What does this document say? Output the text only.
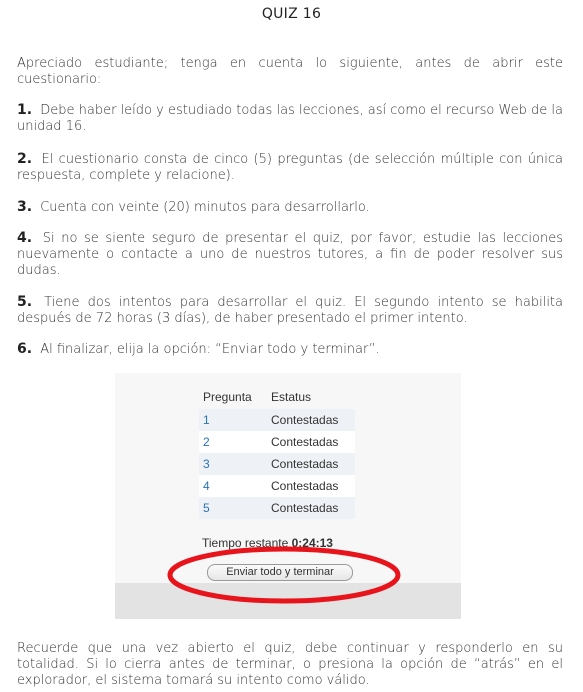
QUIZ 16
Apreciado estudiante; tenga en cuenta lo siguiente, antes de abrir este cuestionario:
1. Debe haber leído y estudiado todas las lecciones, así como el recurso Web de la unidad 16.
2. El cuestionario consta de cinco (5) preguntas (de selección múltiple con única respuesta, complete y relacione).
3. Cuenta con veinte (20) minutos para desarrollarlo.
4. Si no se siente seguro de presentar el quiz, por favor, estudie las lecciones nuevamente o contacte a uno de nuestros tutores, a fin de poder resolver sus dudas.
5. Tiene dos intentos para desarrollar el quiz. El segundo intento se habilita después de 72 horas (3 días), de haber presentado el primer intento.
6. Al finalizar, elija la opción: “Enviar todo y terminar”.
Pregunta	Estatus
1	Contestadas
2	Contestadas
3	Contestadas
4	Contestadas
5	Contestadas
Tiempo restante 0:24:13
Enviar todo y terminar
Recuerde que una vez abierto el quiz, debe continuar y responderlo en su totalidad. Si lo cierra antes de terminar, o presiona la opción de “atrás” en el explorador, el sistema tomará su intento como válido.
